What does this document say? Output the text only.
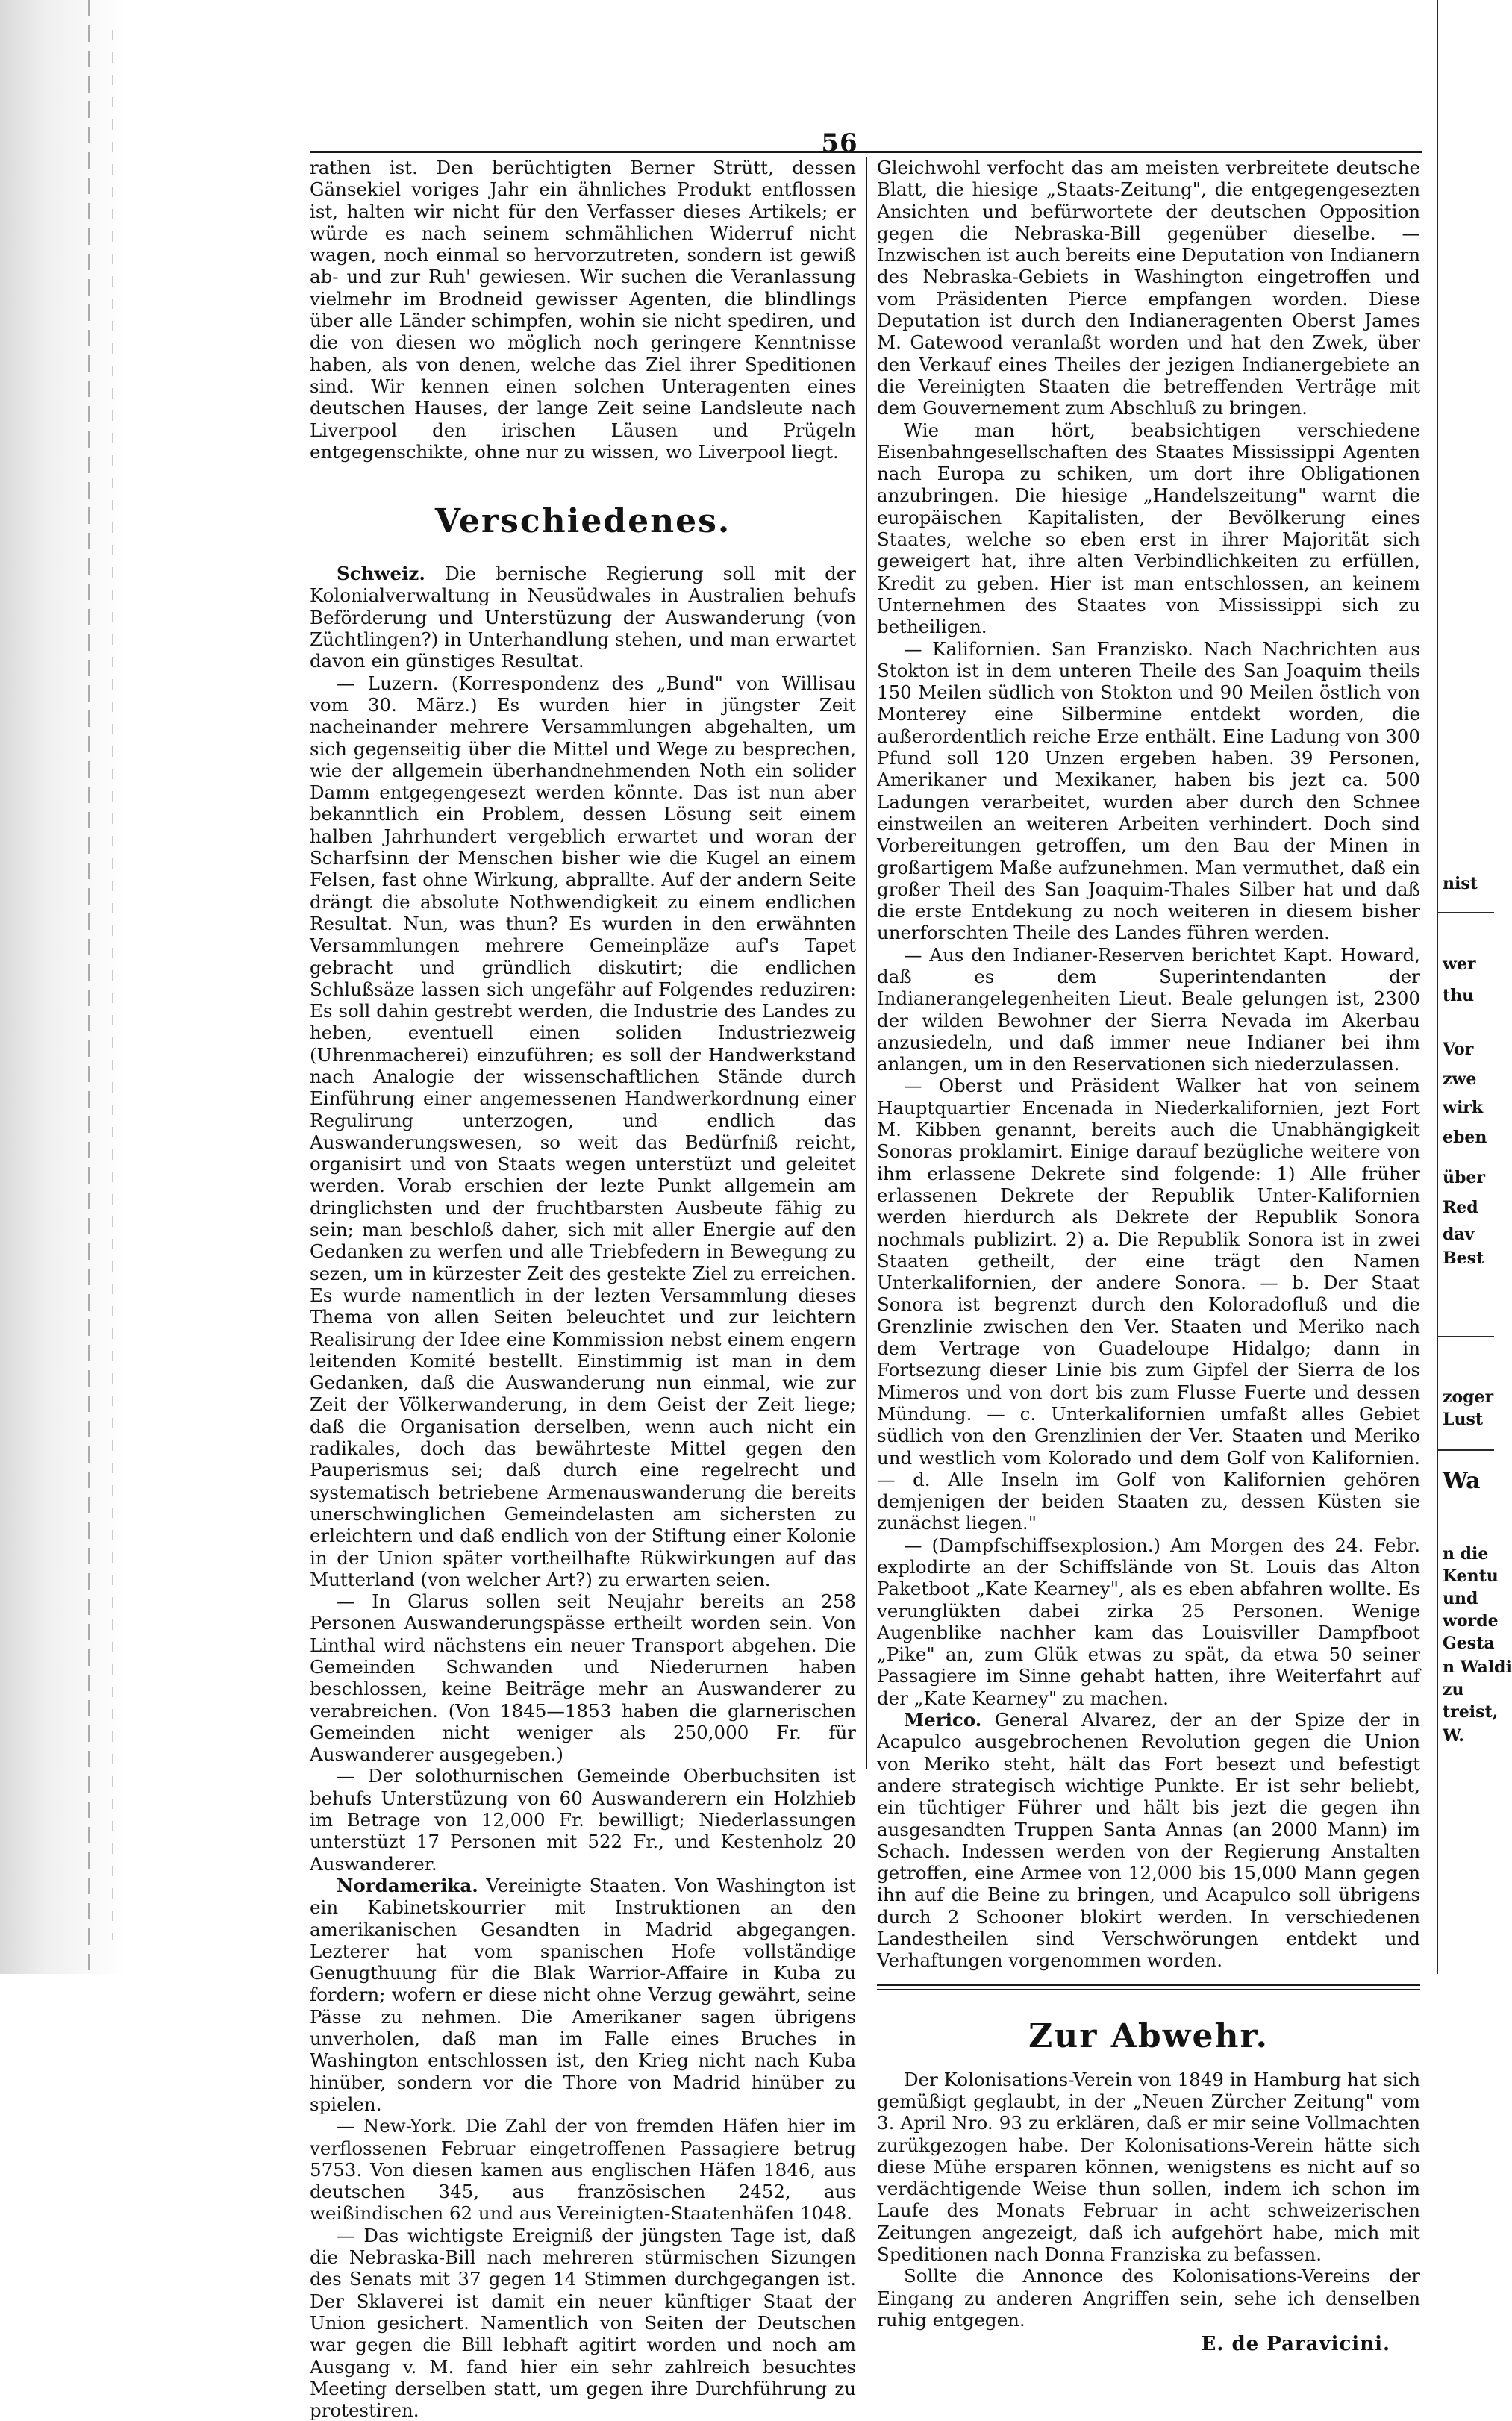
56

rathen ist. Den berüchtigten Berner Strütt, dessen Gänsekiel voriges Jahr ein ähnliches Produkt entflossen ist, halten wir nicht für den Verfasser dieses Artikels; er würde es nach seinem schmählichen Widerruf nicht wagen, noch einmal so hervorzutreten, sondern ist gewiß ab- und zur Ruh' gewiesen. Wir suchen die Veranlassung vielmehr im Brodneid gewisser Agenten, die blindlings über alle Länder schimpfen, wohin sie nicht spediren, und die von diesen wo möglich noch geringere Kenntnisse haben, als von denen, welche das Ziel ihrer Speditionen sind. Wir kennen einen solchen Unteragenten eines deutschen Hauses, der lange Zeit seine Landsleute nach Liverpool den irischen Läusen und Prügeln entgegenschikte, ohne nur zu wissen, wo Liverpool liegt.

Verschiedenes.

Schweiz. Die bernische Regierung soll mit der Kolonialverwaltung in Neusüdwales in Australien behufs Beförderung und Unterstüzung der Auswanderung (von Züchtlingen?) in Unterhandlung stehen, und man erwartet davon ein günstiges Resultat.

— Luzern. (Korrespondenz des „Bund" von Willisau vom 30. März.) Es wurden hier in jüngster Zeit nacheinander mehrere Versammlungen abgehalten, um sich gegenseitig über die Mittel und Wege zu besprechen, wie der allgemein überhandnehmenden Noth ein solider Damm entgegengesezt werden könnte. Das ist nun aber bekanntlich ein Problem, dessen Lösung seit einem halben Jahrhundert vergeblich erwartet und woran der Scharfsinn der Menschen bisher wie die Kugel an einem Felsen, fast ohne Wirkung, abprallte. Auf der andern Seite drängt die absolute Nothwendigkeit zu einem endlichen Resultat. Nun, was thun? Es wurden in den erwähnten Versammlungen mehrere Gemeinpläze auf's Tapet gebracht und gründlich diskutirt; die endlichen Schlußsäze lassen sich ungefähr auf Folgendes reduziren: Es soll dahin gestrebt werden, die Industrie des Landes zu heben, eventuell einen soliden Industriezweig (Uhrenmacherei) einzuführen; es soll der Handwerkstand nach Analogie der wissenschaftlichen Stände durch Einführung einer angemessenen Handwerkordnung einer Regulirung unterzogen, und endlich das Auswanderungswesen, so weit das Bedürfniß reicht, organisirt und von Staats wegen unterstüzt und geleitet werden. Vorab erschien der lezte Punkt allgemein am dringlichsten und der fruchtbarsten Ausbeute fähig zu sein; man beschloß daher, sich mit aller Energie auf den Gedanken zu werfen und alle Triebfedern in Bewegung zu sezen, um in kürzester Zeit des gestekte Ziel zu erreichen. Es wurde namentlich in der lezten Versammlung dieses Thema von allen Seiten beleuchtet und zur leichtern Realisirung der Idee eine Kommission nebst einem engern leitenden Komité bestellt. Einstimmig ist man in dem Gedanken, daß die Auswanderung nun einmal, wie zur Zeit der Völkerwanderung, in dem Geist der Zeit liege; daß die Organisation derselben, wenn auch nicht ein radikales, doch das bewährteste Mittel gegen den Pauperismus sei; daß durch eine regelrecht und systematisch betriebene Armenauswanderung die bereits unerschwinglichen Gemeindelasten am sichersten zu erleichtern und daß endlich von der Stiftung einer Kolonie in der Union später vortheilhafte Rükwirkungen auf das Mutterland (von welcher Art?) zu erwarten seien.

— In Glarus sollen seit Neujahr bereits an 258 Personen Auswanderungspässe ertheilt worden sein. Von Linthal wird nächstens ein neuer Transport abgehen. Die Gemeinden Schwanden und Niederurnen haben beschlossen, keine Beiträge mehr an Auswanderer zu verabreichen. (Von 1845—1853 haben die glarnerischen Gemeinden nicht weniger als 250,000 Fr. für Auswanderer ausgegeben.)

— Der solothurnischen Gemeinde Oberbuchsiten ist behufs Unterstüzung von 60 Auswanderern ein Holzhieb im Betrage von 12,000 Fr. bewilligt; Niederlassungen unterstüzt 17 Personen mit 522 Fr., und Kestenholz 20 Auswanderer.

Nordamerika. Vereinigte Staaten. Von Washington ist ein Kabinetskourrier mit Instruktionen an den amerikanischen Gesandten in Madrid abgegangen. Lezterer hat vom spanischen Hofe vollständige Genugthuung für die Blak Warrior-Affaire in Kuba zu fordern; wofern er diese nicht ohne Verzug gewährt, seine Pässe zu nehmen. Die Amerikaner sagen übrigens unverholen, daß man im Falle eines Bruches in Washington entschlossen ist, den Krieg nicht nach Kuba hinüber, sondern vor die Thore von Madrid hinüber zu spielen.

— New-York. Die Zahl der von fremden Häfen hier im verflossenen Februar eingetroffenen Passagiere betrug 5753. Von diesen kamen aus englischen Häfen 1846, aus deutschen 345, aus französischen 2452, aus weißindischen 62 und aus Vereinigten-Staatenhäfen 1048.

— Das wichtigste Ereigniß der jüngsten Tage ist, daß die Nebraska-Bill nach mehreren stürmischen Sizungen des Senats mit 37 gegen 14 Stimmen durchgegangen ist. Der Sklaverei ist damit ein neuer künftiger Staat der Union gesichert. Namentlich von Seiten der Deutschen war gegen die Bill lebhaft agitirt worden und noch am Ausgang v. M. fand hier ein sehr zahlreich besuchtes Meeting derselben statt, um gegen ihre Durchführung zu protestiren.

Gleichwohl verfocht das am meisten verbreitete deutsche Blatt, die hiesige „Staats-Zeitung", die entgegengesezten Ansichten und befürwortete der deutschen Opposition gegen die Nebraska-Bill gegenüber dieselbe. — Inzwischen ist auch bereits eine Deputation von Indianern des Nebraska-Gebiets in Washington eingetroffen und vom Präsidenten Pierce empfangen worden. Diese Deputation ist durch den Indianeragenten Oberst James M. Gatewood veranlaßt worden und hat den Zwek, über den Verkauf eines Theiles der jezigen Indianergebiete an die Vereinigten Staaten die betreffenden Verträge mit dem Gouvernement zum Abschluß zu bringen.

Wie man hört, beabsichtigen verschiedene Eisenbahngesellschaften des Staates Mississippi Agenten nach Europa zu schiken, um dort ihre Obligationen anzubringen. Die hiesige „Handelszeitung" warnt die europäischen Kapitalisten, der Bevölkerung eines Staates, welche so eben erst in ihrer Majorität sich geweigert hat, ihre alten Verbindlichkeiten zu erfüllen, Kredit zu geben. Hier ist man entschlossen, an keinem Unternehmen des Staates von Mississippi sich zu betheiligen.

— Kalifornien. San Franzisko. Nach Nachrichten aus Stokton ist in dem unteren Theile des San Joaquim theils 150 Meilen südlich von Stokton und 90 Meilen östlich von Monterey eine Silbermine entdekt worden, die außerordentlich reiche Erze enthält. Eine Ladung von 300 Pfund soll 120 Unzen ergeben haben. 39 Personen, Amerikaner und Mexikaner, haben bis jezt ca. 500 Ladungen verarbeitet, wurden aber durch den Schnee einstweilen an weiteren Arbeiten verhindert. Doch sind Vorbereitungen getroffen, um den Bau der Minen in großartigem Maße aufzunehmen. Man vermuthet, daß ein großer Theil des San Joaquim-Thales Silber hat und daß die erste Entdekung zu noch weiteren in diesem bisher unerforschten Theile des Landes führen werden.

— Aus den Indianer-Reserven berichtet Kapt. Howard, daß es dem Superintendanten der Indianerangelegenheiten Lieut. Beale gelungen ist, 2300 der wilden Bewohner der Sierra Nevada im Akerbau anzusiedeln, und daß immer neue Indianer bei ihm anlangen, um in den Reservationen sich niederzulassen.

— Oberst und Präsident Walker hat von seinem Hauptquartier Encenada in Niederkalifornien, jezt Fort M. Kibben genannt, bereits auch die Unabhängigkeit Sonoras proklamirt. Einige darauf bezügliche weitere von ihm erlassene Dekrete sind folgende: 1) Alle früher erlassenen Dekrete der Republik Unter-Kalifornien werden hierdurch als Dekrete der Republik Sonora nochmals publizirt. 2) a. Die Republik Sonora ist in zwei Staaten getheilt, der eine trägt den Namen Unterkalifornien, der andere Sonora. — b. Der Staat Sonora ist begrenzt durch den Koloradofluß und die Grenzlinie zwischen den Ver. Staaten und Meriko nach dem Vertrage von Guadeloupe Hidalgo; dann in Fortsezung dieser Linie bis zum Gipfel der Sierra de los Mimeros und von dort bis zum Flusse Fuerte und dessen Mündung. — c. Unterkalifornien umfaßt alles Gebiet südlich von den Grenzlinien der Ver. Staaten und Meriko und westlich vom Kolorado und dem Golf von Kalifornien. — d. Alle Inseln im Golf von Kalifornien gehören demjenigen der beiden Staaten zu, dessen Küsten sie zunächst liegen."

— (Dampfschiffsexplosion.) Am Morgen des 24. Febr. explodirte an der Schiffslände von St. Louis das Alton Paketboot „Kate Kearney", als es eben abfahren wollte. Es verunglükten dabei zirka 25 Personen. Wenige Augenblike nachher kam das Louisviller Dampfboot „Pike" an, zum Glük etwas zu spät, da etwa 50 seiner Passagiere im Sinne gehabt hatten, ihre Weiterfahrt auf der „Kate Kearney" zu machen.

Merico. General Alvarez, der an der Spize der in Acapulco ausgebrochenen Revolution gegen die Union von Meriko steht, hält das Fort besezt und befestigt andere strategisch wichtige Punkte. Er ist sehr beliebt, ein tüchtiger Führer und hält bis jezt die gegen ihn ausgesandten Truppen Santa Annas (an 2000 Mann) im Schach. Indessen werden von der Regierung Anstalten getroffen, eine Armee von 12,000 bis 15,000 Mann gegen ihn auf die Beine zu bringen, und Acapulco soll übrigens durch 2 Schooner blokirt werden. In verschiedenen Landestheilen sind Verschwörungen entdekt und Verhaftungen vorgenommen worden.

Zur Abwehr.

Der Kolonisations-Verein von 1849 in Hamburg hat sich gemüßigt geglaubt, in der „Neuen Zürcher Zeitung" vom 3. April Nro. 93 zu erklären, daß er mir seine Vollmachten zurükgezogen habe. Der Kolonisations-Verein hätte sich diese Mühe ersparen können, wenigstens es nicht auf so verdächtigende Weise thun sollen, indem ich schon im Laufe des Monats Februar in acht schweizerischen Zeitungen angezeigt, daß ich aufgehört habe, mich mit Speditionen nach Donna Franziska zu befassen.

Sollte die Annonce des Kolonisations-Vereins der Eingang zu anderen Angriffen sein, sehe ich denselben ruhig entgegen.

E. de Paravicini.
nist
wer
thu
Vor
zwe
wirk
eben
über
Red
dav
Best
zoger
Lust
Wa
n die
Kentu
und
worde
Gesta
n Waldi
zu
treist,
W.
